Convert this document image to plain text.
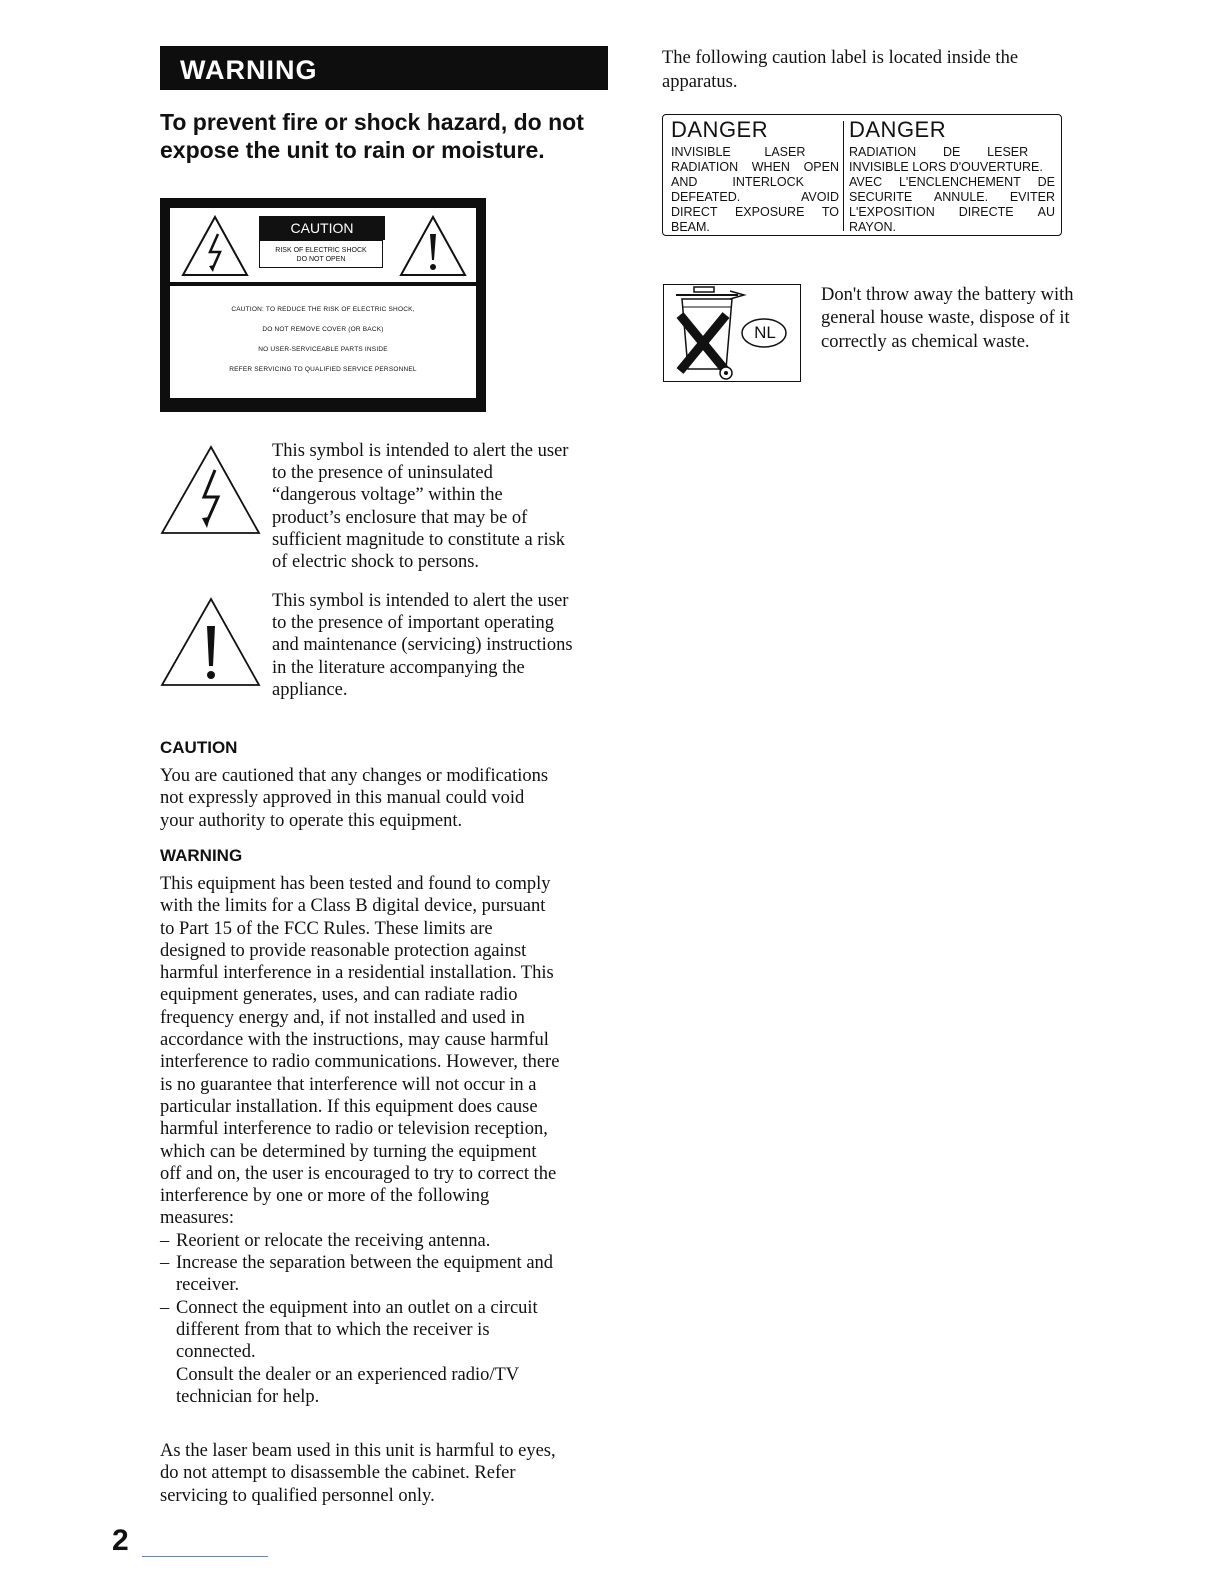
WARNING
To prevent fire or shock hazard, do not expose the unit to rain or moisture.
CAUTION
RISK OF ELECTRIC SHOCK
DO NOT OPEN
CAUTION: TO REDUCE THE RISK OF ELECTRIC SHOCK,
DO NOT REMOVE COVER (OR BACK)
NO USER-SERVICEABLE PARTS INSIDE
REFER SERVICING TO QUALIFIED SERVICE PERSONNEL
This symbol is intended to alert the user
to the presence of uninsulated
“dangerous voltage” within the
product’s enclosure that may be of
sufficient magnitude to constitute a risk
of electric shock to persons.
This symbol is intended to alert the user
to the presence of important operating
and maintenance (servicing) instructions
in the literature accompanying the
appliance.
CAUTION
You are cautioned that any changes or modifications
not expressly approved in this manual could void
your authority to operate this equipment.
WARNING
This equipment has been tested and found to comply
with the limits for a Class B digital device, pursuant
to Part 15 of the FCC Rules. These limits are
designed to provide reasonable protection against
harmful interference in a residential installation. This
equipment generates, uses, and can radiate radio
frequency energy and, if not installed and used in
accordance with the instructions, may cause harmful
interference to radio communications. However, there
is no guarantee that interference will not occur in a
particular installation. If this equipment does cause
harmful interference to radio or television reception,
which can be determined by turning the equipment
off and on, the user is encouraged to try to correct the
interference by one or more of the following
measures:
– Reorient or relocate the receiving antenna.
– Increase the separation between the equipment and
receiver.
– Connect the equipment into an outlet on a circuit
different from that to which the receiver is
connected.
Consult the dealer or an experienced radio/TV
technician for help.
As the laser beam used in this unit is harmful to eyes,
do not attempt to disassemble the cabinet. Refer
servicing to qualified personnel only.
2
The following caution label is located inside the
apparatus.
DANGER
INVISIBLE	LASER
RADIATION WHEN OPEN
AND	INTERLOCK
DEFEATED.	AVOID
DIRECT EXPOSURE TO
BEAM.
DANGER
RADIATION DE LESER
INVISIBLE LORS D'OUVERTURE.
AVEC L'ENCLENCHEMENT DE
SECURITE ANNULE. EVITER
L'EXPOSITION DIRECTE AU
RAYON.
NL
Don't throw away the battery with
general house waste, dispose of it
correctly as chemical waste.
